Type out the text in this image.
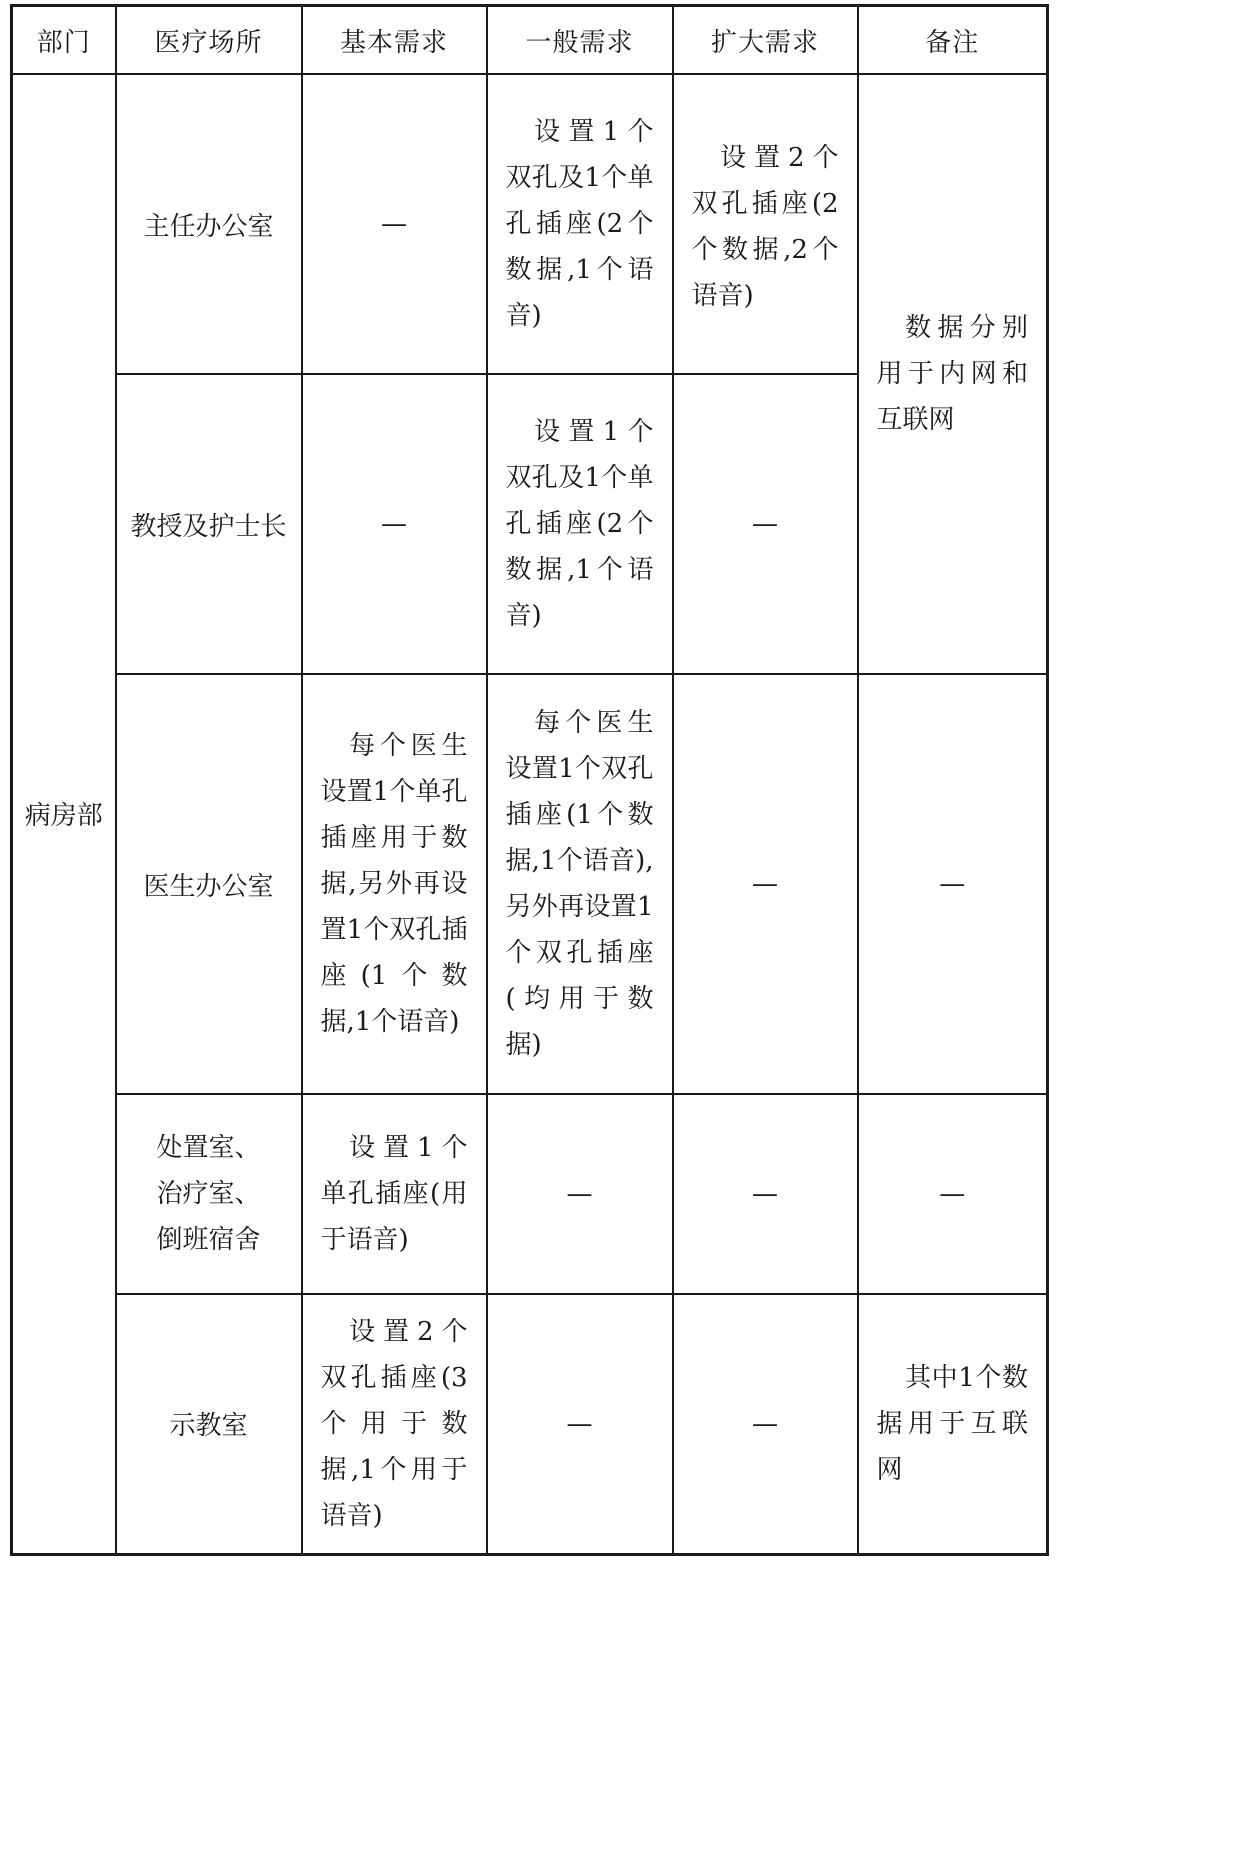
部门	医疗场所	基本需求	一般需求	扩大需求	备注
病房部	主任办公室	—	设置1个双孔及1个单孔插座(2个数据,1个语音)	设置2个双孔插座(2个数据,2个语音)	数据分别用于内网和互联网

	教授及护士长	—	设置1个双孔及1个单孔插座(2个数据,1个语音)	—	
	医生办公室	每个医生设置1个单孔插座用于数据,另外再设置1个双孔插座(1个数据,1个语音)	每个医生设置1个双孔插座(1个数据,1个语音),另外再设置1个双孔插座(均用于数据)	—	—
	处置室、治疗室、倒班宿舍	设置1个单孔插座(用于语音)	—	—	—
	示教室	设置2个双孔插座(3个用于数据,1个用于语音)	—	—	其中1个数据用于互联网
